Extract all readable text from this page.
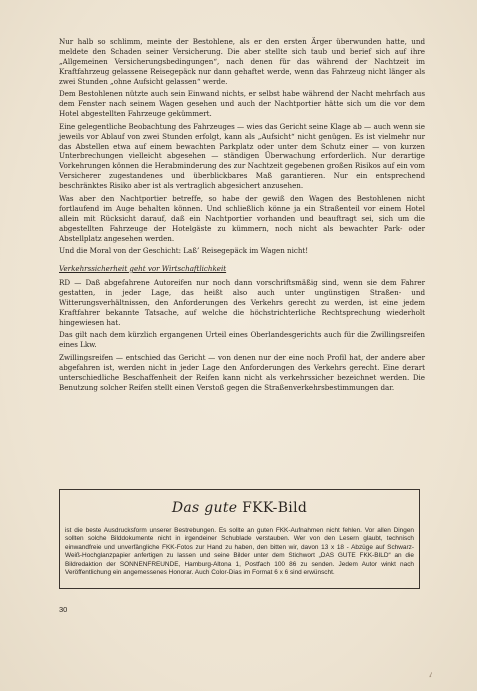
Nur halb so schlimm, meinte der Bestohlene, als er den ersten Ärger überwunden hatte, und meldete den Schaden seiner Versicherung. Die aber stellte sich taub und berief sich auf ihre „Allgemeinen Versicherungsbedingungen“, nach denen für das während der Nachtzeit im Kraftfahrzeug gelassene Reisegepäck nur dann gehaftet werde, wenn das Fahrzeug nicht länger als zwei Stunden „ohne Aufsicht gelassen“ werde.

Dem Bestohlenen nützte auch sein Einwand nichts, er selbst habe während der Nacht mehrfach aus dem Fenster nach seinem Wagen gesehen und auch der Nachtportier hätte sich um die vor dem Hotel abgestellten Fahrzeuge gekümmert.

Eine gelegentliche Beobachtung des Fahrzeuges — wies das Gericht seine Klage ab — auch wenn sie jeweils vor Ablauf von zwei Stunden erfolgt, kann als „Aufsicht“ nicht genügen. Es ist vielmehr nur das Abstellen etwa auf einem bewachten Parkplatz oder unter dem Schutz einer — von kurzen Unterbrechungen vielleicht abgesehen — ständigen Überwachung erforderlich. Nur derartige Vorkehrungen können die Herabminderung des zur Nachtzeit gegebenen großen Risikos auf ein vom Versicherer zugestandenes und überblickbares Maß garantieren. Nur ein entsprechend beschränktes Risiko aber ist als vertraglich abgesichert anzusehen.

Was aber den Nachtportier betreffe, so habe der gewiß den Wagen des Bestohlenen nicht fortlaufend im Auge behalten können. Und schließlich könne ja ein Straßenteil vor einem Hotel allein mit Rücksicht darauf, daß ein Nachtportier vorhanden und beauftragt sei, sich um die abgestellten Fahrzeuge der Hotelgäste zu kümmern, noch nicht als bewachter Park- oder Abstellplatz angesehen werden.

Und die Moral von der Geschicht: Laß’ Reisegepäck im Wagen nicht!

Verkehrssicherheit geht vor Wirtschaftlichkeit

RD — Daß abgefahrene Autoreifen nur noch dann vorschriftsmäßig sind, wenn sie dem Fahrer gestatten, in jeder Lage, das heißt also auch unter ungünstigen Straßen- und Witterungsverhältnissen, den Anforderungen des Verkehrs gerecht zu werden, ist eine jedem Kraftfahrer bekannte Tatsache, auf welche die höchstrichterliche Rechtsprechung wiederholt hingewiesen hat.

Das gilt nach dem kürzlich ergangenen Urteil eines Oberlandesgerichts auch für die Zwillingsreifen eines Lkw.

Zwillingsreifen — entschied das Gericht — von denen nur der eine noch Profil hat, der andere aber abgefahren ist, werden nicht in jeder Lage den Anforderungen des Verkehrs gerecht. Eine derart unterschiedliche Beschaffenheit der Reifen kann nicht als verkehrssicher bezeichnet werden. Die Benutzung solcher Reifen stellt einen Verstoß gegen die Straßenverkehrsbestimmungen dar.

Das gute FKK-Bild
ist die beste Ausdrucksform unserer Bestrebungen. Es sollte an guten FKK-Aufnahmen nicht fehlen. Vor allen Dingen sollten solche Bilddokumente nicht in irgendeiner Schublade verstauben. Wer von den Lesern glaubt, technisch einwandfreie und unverfängliche FKK-Fotos zur Hand zu haben, den bitten wir, davon 13 x 18 - Abzüge auf Schwarz-Weiß-Hochglanzpapier anfertigen zu lassen und seine Bilder unter dem Stichwort „DAS GUTE FKK-BILD“ an die Bildredaktion der SONNENFREUNDE, Hamburg-Altona 1, Postfach 100 86 zu senden. Jedem Autor winkt nach Veröffentlichung ein angemessenes Honorar. Auch Color-Dias im Format 6 x 6 sind erwünscht.
30
↙
